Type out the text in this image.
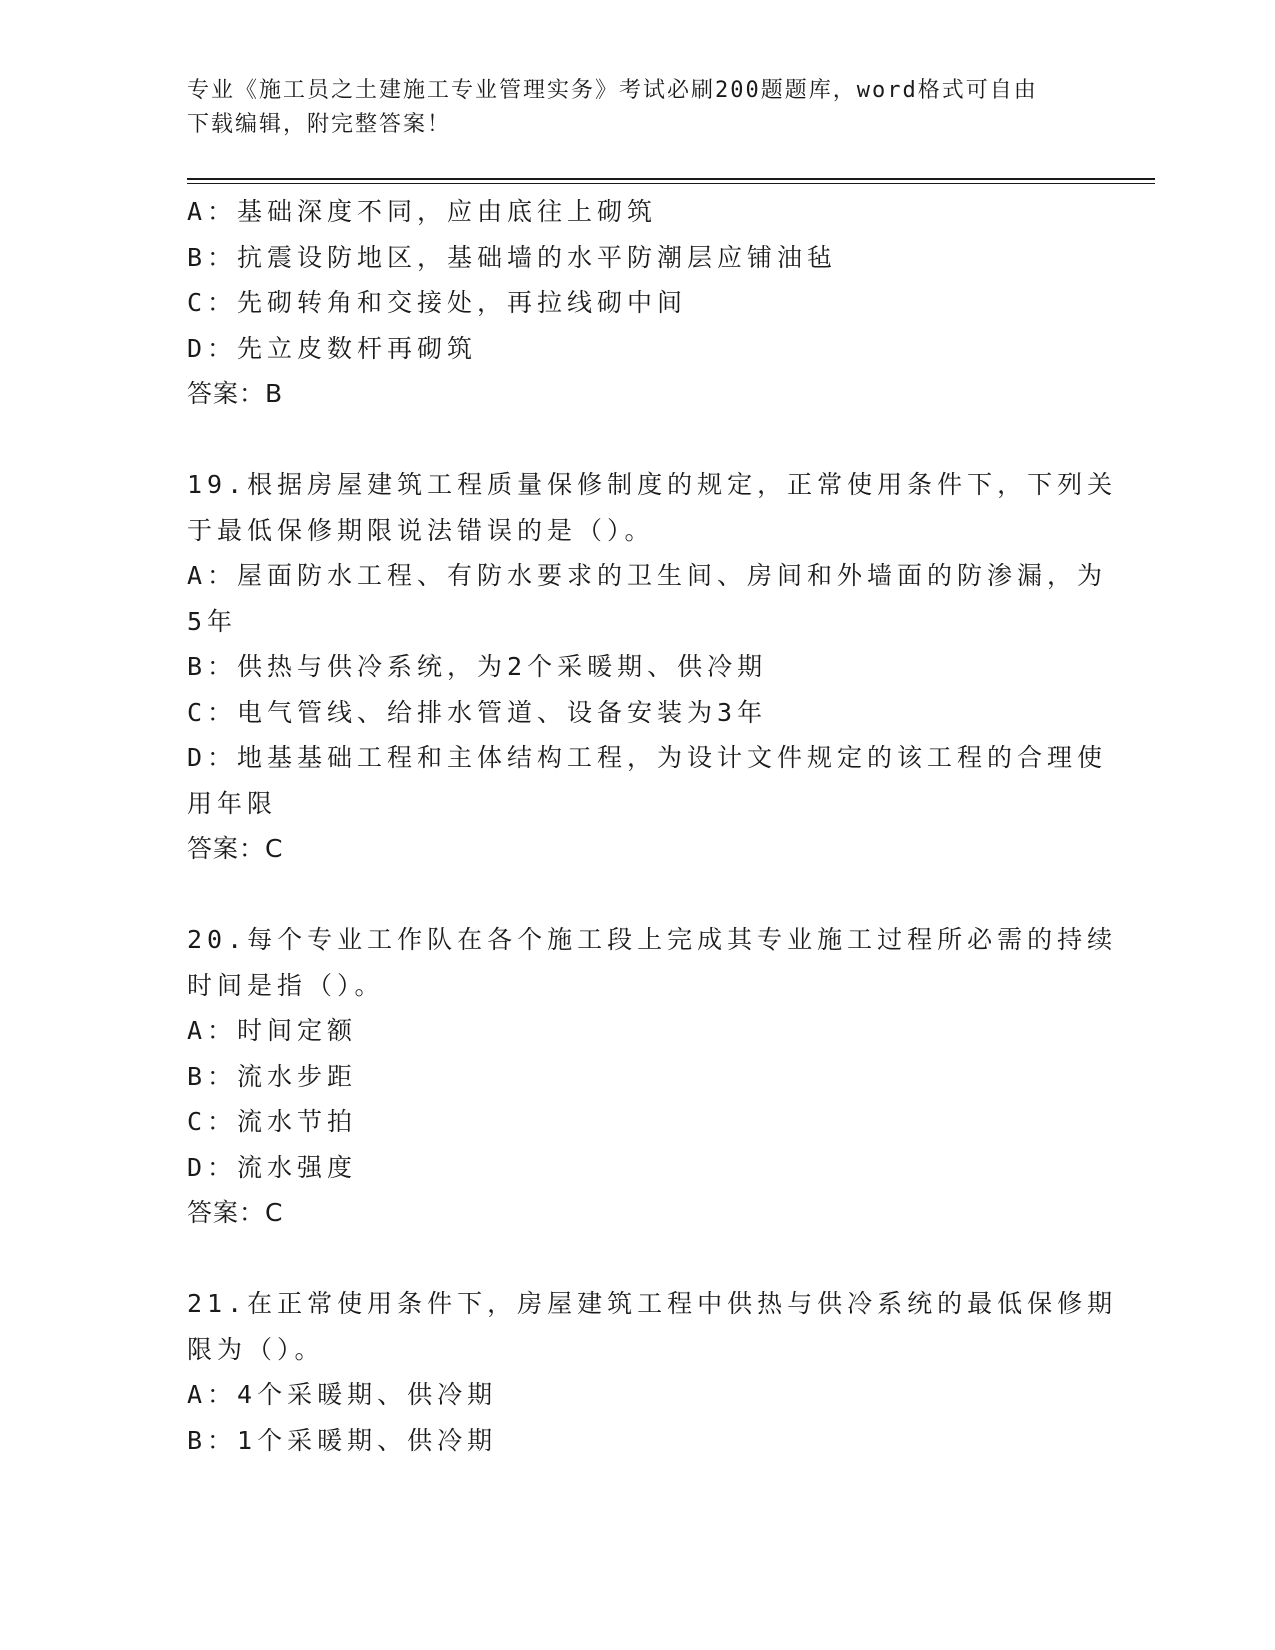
专业《施工员之土建施工专业管理实务》考试必刷200题题库，word格式可自由
下载编辑，附完整答案！
A：基础深度不同，应由底往上砌筑
B：抗震设防地区，基础墙的水平防潮层应铺油毡
C：先砌转角和交接处，再拉线砌中间
D：先立皮数杆再砌筑
答案：B
19.根据房屋建筑工程质量保修制度的规定，正常使用条件下，下列关
于最低保修期限说法错误的是（）。
A：屋面防水工程、有防水要求的卫生间、房间和外墙面的防渗漏，为
5年
B：供热与供冷系统，为2个采暖期、供冷期
C：电气管线、给排水管道、设备安装为3年
D：地基基础工程和主体结构工程，为设计文件规定的该工程的合理使
用年限
答案：C
20.每个专业工作队在各个施工段上完成其专业施工过程所必需的持续
时间是指（）。
A：时间定额
B：流水步距
C：流水节拍
D：流水强度
答案：C
21.在正常使用条件下，房屋建筑工程中供热与供冷系统的最低保修期
限为（）。
A：4个采暖期、供冷期
B：1个采暖期、供冷期
